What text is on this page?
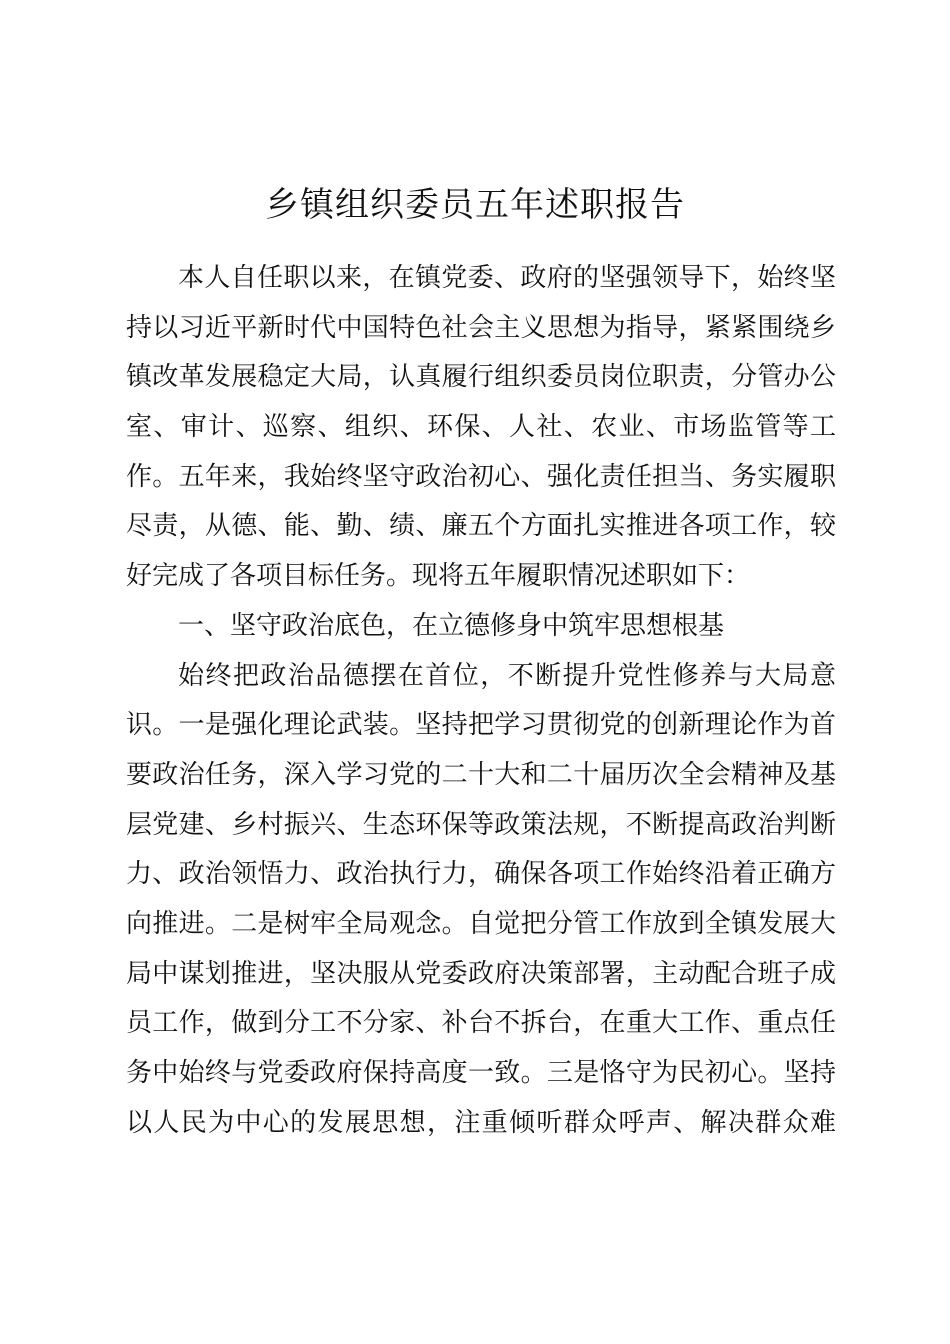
乡镇组织委员五年述职报告
本人自任职以来，在镇党委、政府的坚强领导下，始终坚
持以习近平新时代中国特色社会主义思想为指导，紧紧围绕乡
镇改革发展稳定大局，认真履行组织委员岗位职责，分管办公
室、审计、巡察、组织、环保、人社、农业、市场监管等工
作。五年来，我始终坚守政治初心、强化责任担当、务实履职
尽责，从德、能、勤、绩、廉五个方面扎实推进各项工作，较
好完成了各项目标任务。现将五年履职情况述职如下：
一、坚守政治底色，在立德修身中筑牢思想根基
始终把政治品德摆在首位，不断提升党性修养与大局意
识。一是强化理论武装。坚持把学习贯彻党的创新理论作为首
要政治任务，深入学习党的二十大和二十届历次全会精神及基
层党建、乡村振兴、生态环保等政策法规，不断提高政治判断
力、政治领悟力、政治执行力，确保各项工作始终沿着正确方
向推进。二是树牢全局观念。自觉把分管工作放到全镇发展大
局中谋划推进，坚决服从党委政府决策部署，主动配合班子成
员工作，做到分工不分家、补台不拆台，在重大工作、重点任
务中始终与党委政府保持高度一致。三是恪守为民初心。坚持
以人民为中心的发展思想，注重倾听群众呼声、解决群众难
